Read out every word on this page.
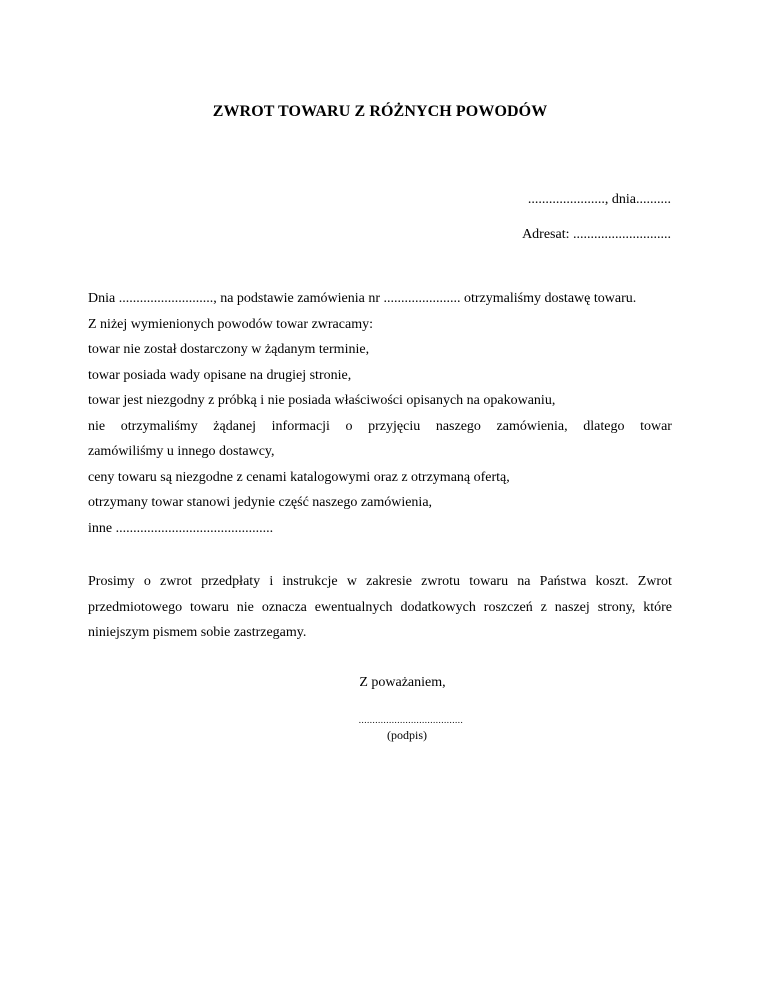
ZWROT TOWARU Z RÓŻNYCH POWODÓW
......................, dnia..........
Adresat: ............................
Dnia ..........................., na podstawie zamówienia nr ...................... otrzymaliśmy dostawę towaru.
Z niżej wymienionych powodów towar zwracamy:
towar nie został dostarczony w żądanym terminie,
towar posiada wady opisane na drugiej stronie,
towar jest niezgodny z próbką i nie posiada właściwości opisanych na opakowaniu,
nie otrzymaliśmy żądanej informacji o przyjęciu naszego zamówienia, dlatego towar
zamówiliśmy u innego dostawcy,
ceny towaru są niezgodne z cenami katalogowymi oraz z otrzymaną ofertą,
otrzymany towar stanowi jedynie część naszego zamówienia,
inne .............................................
Prosimy o zwrot przedpłaty i instrukcje w zakresie zwrotu towaru na Państwa koszt. Zwrot
przedmiotowego towaru nie oznacza ewentualnych dodatkowych roszczeń z naszej strony, które
niniejszym pismem sobie zastrzegamy.
Z poważaniem,
......................................
(podpis)
